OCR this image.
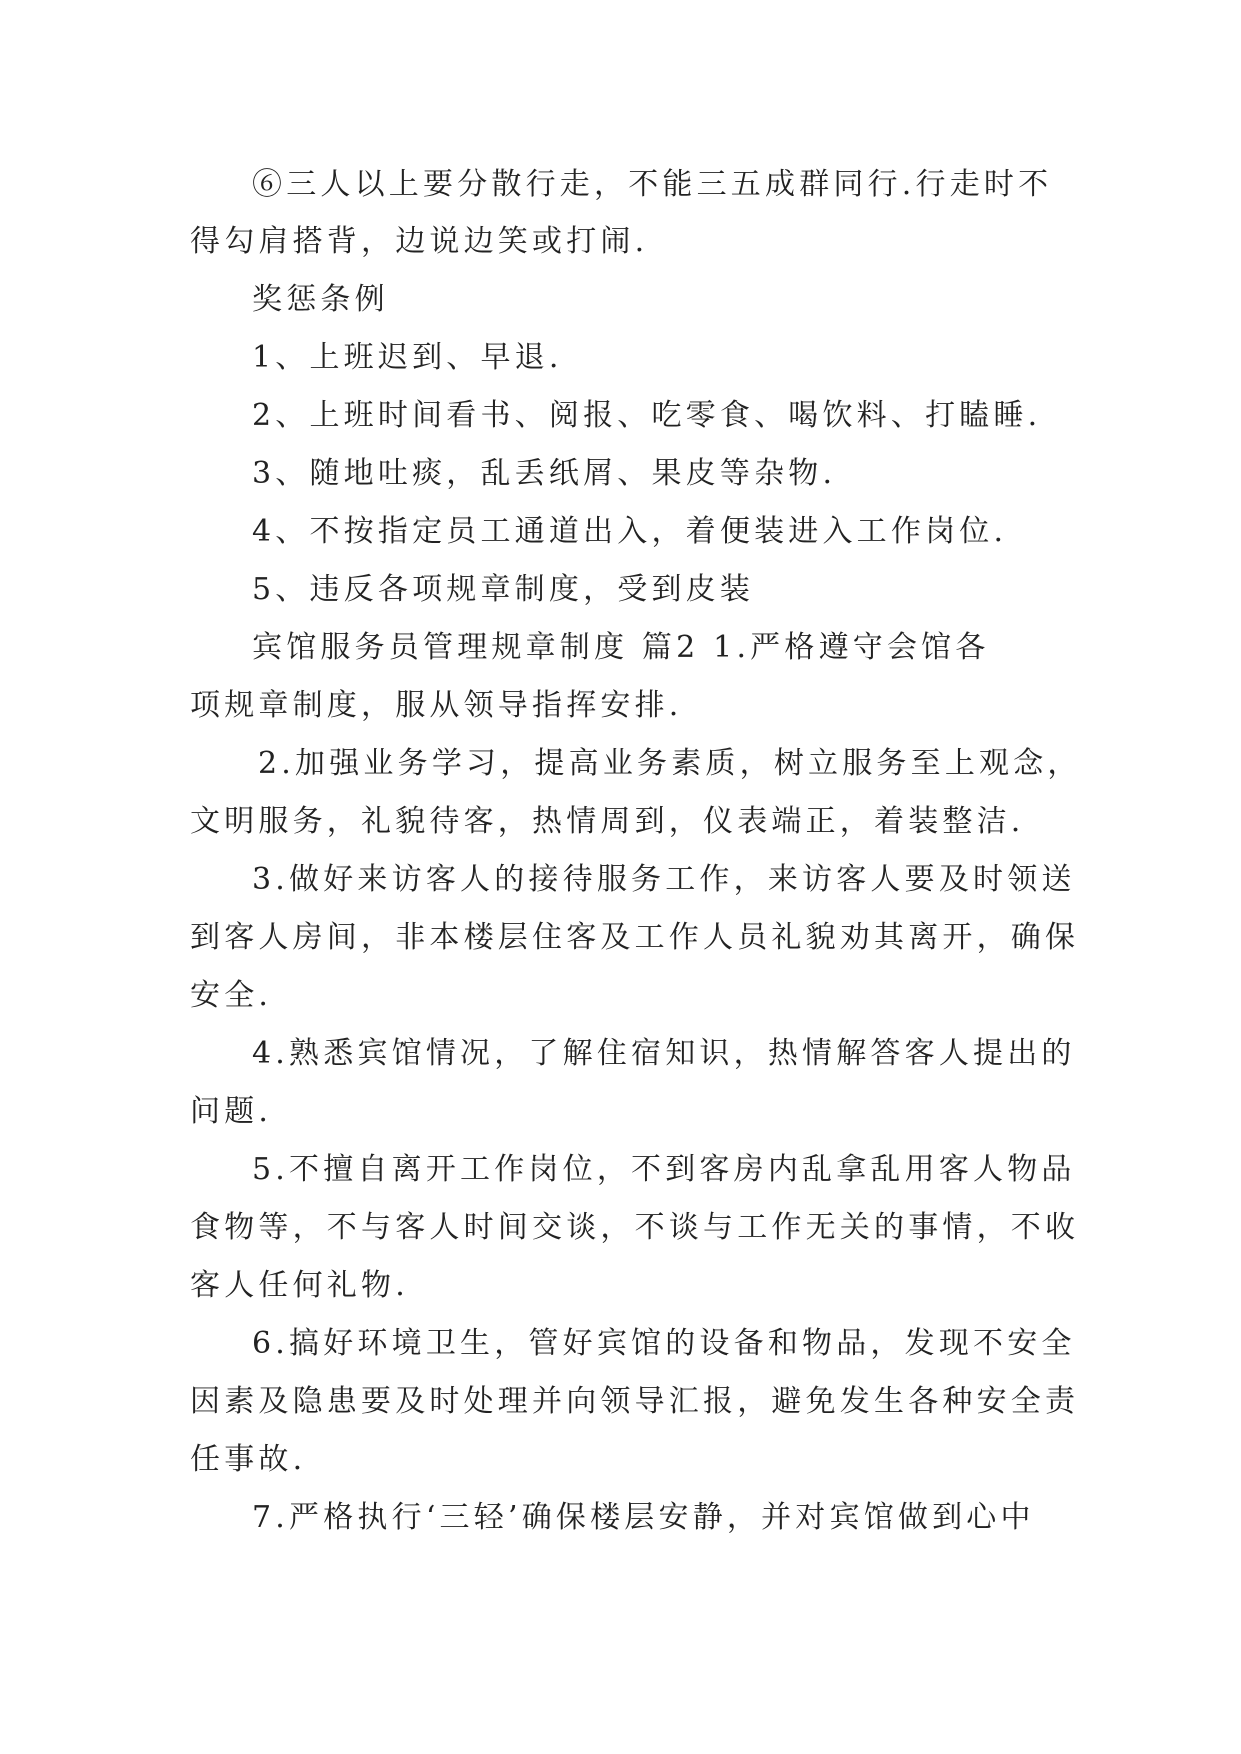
⑥三人以上要分散行走，不能三五成群同行.行走时不

得勾肩搭背，边说边笑或打闹.

奖惩条例

1、上班迟到、早退.

2、上班时间看书、阅报、吃零食、喝饮料、打瞌睡.

3、随地吐痰，乱丢纸屑、果皮等杂物.

4、不按指定员工通道出入，着便装进入工作岗位.

5、违反各项规章制度，受到皮装

宾馆服务员管理规章制度 篇2 1.严格遵守会馆各

项规章制度，服从领导指挥安排.

2.加强业务学习，提高业务素质，树立服务至上观念，

文明服务，礼貌待客，热情周到，仪表端正，着装整洁.

3.做好来访客人的接待服务工作，来访客人要及时领送

到客人房间，非本楼层住客及工作人员礼貌劝其离开，确保

安全.

4.熟悉宾馆情况，了解住宿知识，热情解答客人提出的

问题.

5.不擅自离开工作岗位，不到客房内乱拿乱用客人物品

食物等，不与客人时间交谈，不谈与工作无关的事情，不收

客人任何礼物.

6.搞好环境卫生，管好宾馆的设备和物品，发现不安全

因素及隐患要及时处理并向领导汇报，避免发生各种安全责

任事故.

7.严格执行‘三轻’确保楼层安静，并对宾馆做到心中
